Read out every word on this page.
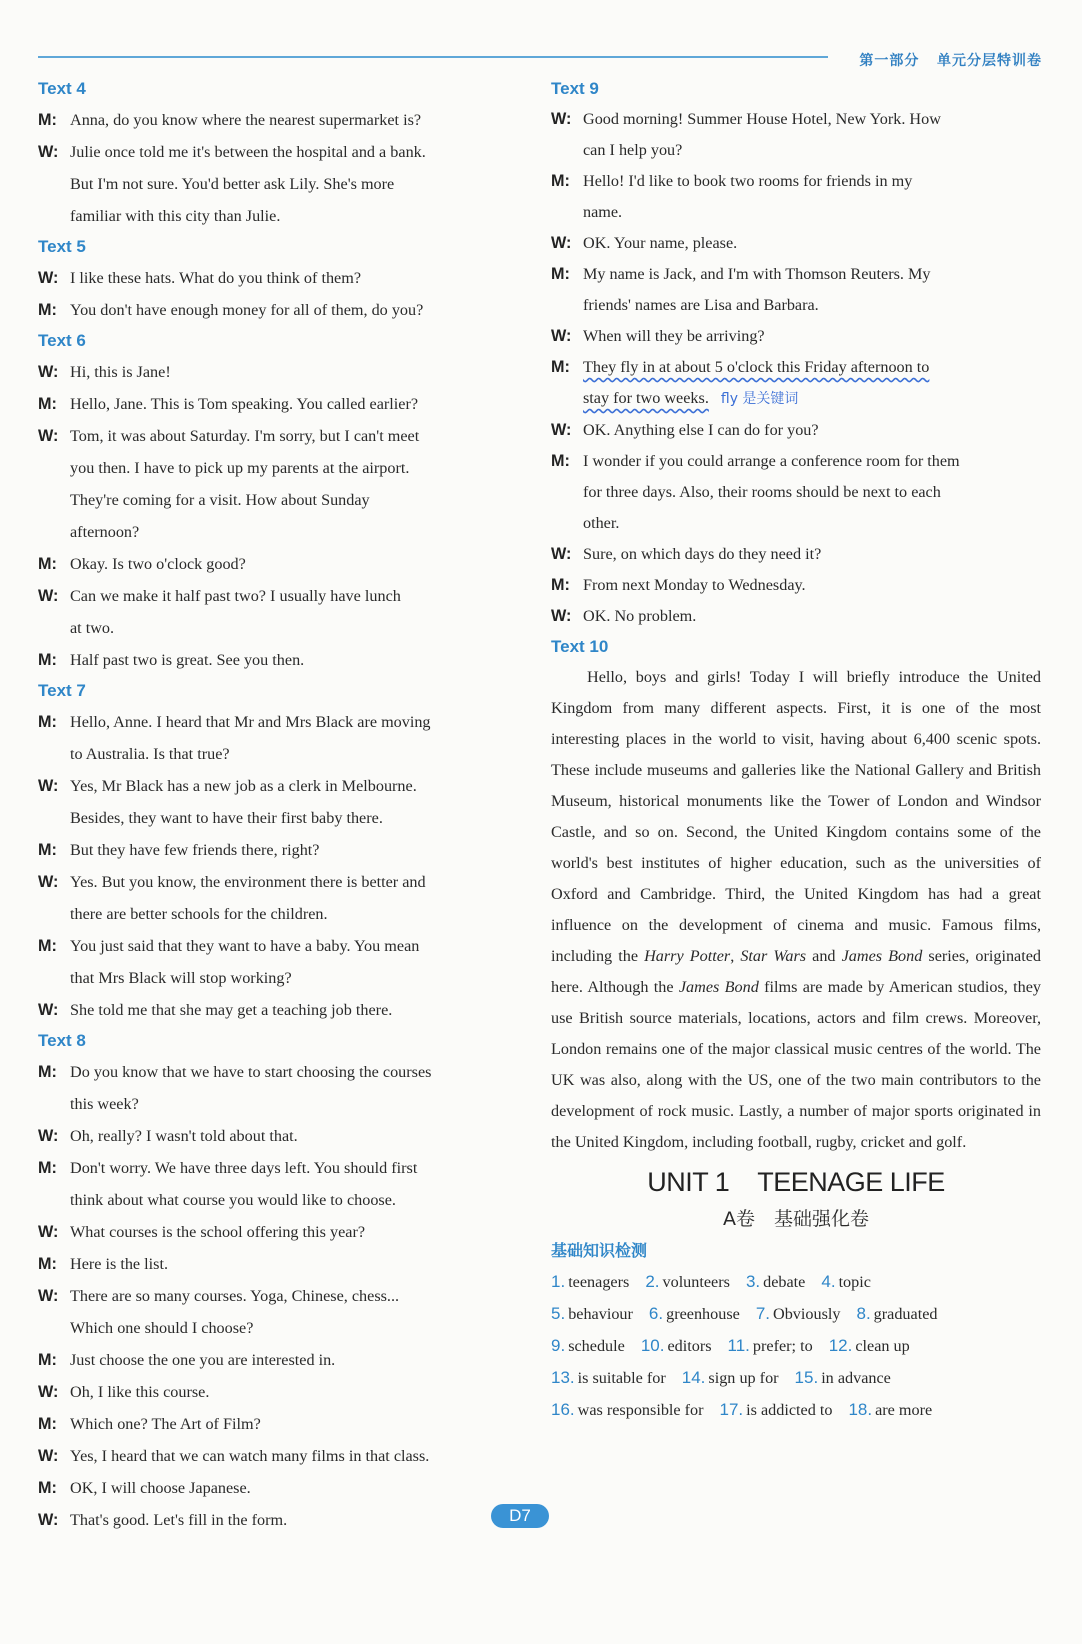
第一部分 单元分层特训卷
Text 4
M: Anna, do you know where the nearest supermarket is?
W: Julie once told me it's between the hospital and a bank.
But I'm not sure. You'd better ask Lily. She's more
familiar with this city than Julie.
Text 5
W: I like these hats. What do you think of them?
M: You don't have enough money for all of them, do you?
Text 6
W: Hi, this is Jane!
M: Hello, Jane. This is Tom speaking. You called earlier?
W: Tom, it was about Saturday. I'm sorry, but I can't meet
you then. I have to pick up my parents at the airport.
They're coming for a visit. How about Sunday
afternoon?
M: Okay. Is two o'clock good?
W: Can we make it half past two? I usually have lunch
at two.
M: Half past two is great. See you then.
Text 7
M: Hello, Anne. I heard that Mr and Mrs Black are moving
to Australia. Is that true?
W: Yes, Mr Black has a new job as a clerk in Melbourne.
Besides, they want to have their first baby there.
M: But they have few friends there, right?
W: Yes. But you know, the environment there is better and
there are better schools for the children.
M: You just said that they want to have a baby. You mean
that Mrs Black will stop working?
W: She told me that she may get a teaching job there.
Text 8
M: Do you know that we have to start choosing the courses
this week?
W: Oh, really? I wasn't told about that.
M: Don't worry. We have three days left. You should first
think about what course you would like to choose.
W: What courses is the school offering this year?
M: Here is the list.
W: There are so many courses. Yoga, Chinese, chess...
Which one should I choose?
M: Just choose the one you are interested in.
W: Oh, I like this course.
M: Which one? The Art of Film?
W: Yes, I heard that we can watch many films in that class.
M: OK, I will choose Japanese.
W: That's good. Let's fill in the form.
Text 9
W: Good morning! Summer House Hotel, New York. How
can I help you?
M: Hello! I'd like to book two rooms for friends in my
name.
W: OK. Your name, please.
M: My name is Jack, and I'm with Thomson Reuters. My
friends' names are Lisa and Barbara.
W: When will they be arriving?
M: They fly in at about 5 o'clock this Friday afternoon to
stay for two weeks. fly 是关键词
W: OK. Anything else I can do for you?
M: I wonder if you could arrange a conference room for them
for three days. Also, their rooms should be next to each
other.
W: Sure, on which days do they need it?
M: From next Monday to Wednesday.
W: OK. No problem.
Text 10
Hello, boys and girls! Today I will briefly introduce the United Kingdom from many different aspects. First, it is one of the most interesting places in the world to visit, having about 6,400 scenic spots. These include museums and galleries like the National Gallery and British Museum, historical monuments like the Tower of London and Windsor Castle, and so on. Second, the United Kingdom contains some of the world's best institutes of higher education, such as the universities of Oxford and Cambridge. Third, the United Kingdom has had a great influence on the development of cinema and music. Famous films, including the Harry Potter, Star Wars and James Bond series, originated here. Although the James Bond films are made by American studios, they use British source materials, locations, actors and film crews. Moreover, London remains one of the major classical music centres of the world. The UK was also, along with the US, one of the two main contributors to the development of rock music. Lastly, a number of major sports originated in the United Kingdom, including football, rugby, cricket and golf.
UNIT 1 TEENAGE LIFE
A卷　基础强化卷
基础知识检测
1. teenagers 2. volunteers 3. debate 4. topic
5. behaviour 6. greenhouse 7. Obviously 8. graduated
9. schedule 10. editors 11. prefer; to 12. clean up
13. is suitable for 14. sign up for 15. in advance
16. was responsible for 17. is addicted to 18. are more
D7
